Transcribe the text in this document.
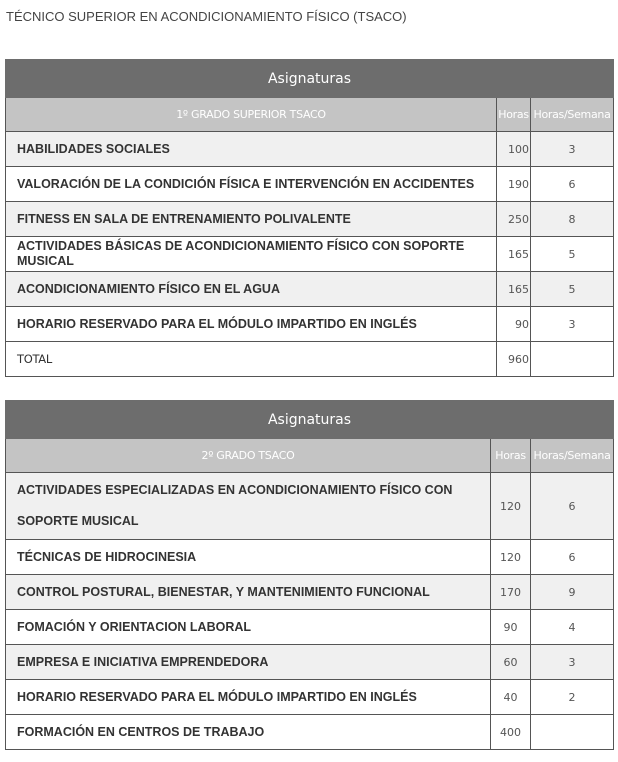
TÉCNICO SUPERIOR EN ACONDICIONAMIENTO FÍSICO (TSACO)
Asignaturas		
1º GRADO SUPERIOR TSACO	Horas	Horas/Semana
HABILIDADES SOCIALES	100	3
VALORACIÓN DE LA CONDICIÓN FÍSICA E INTERVENCIÓN EN ACCIDENTES	190	6
FITNESS EN SALA DE ENTRENAMIENTO POLIVALENTE	250	8
ACTIVIDADES BÁSICAS DE ACONDICIONAMIENTO FÍSICO CON SOPORTE MUSICAL	165	5
ACONDICIONAMIENTO FÍSICO EN EL AGUA	165	5
HORARIO RESERVADO PARA EL MÓDULO IMPARTIDO EN INGLÉS	90	3
TOTAL	960	
Asignaturas		
2º GRADO TSACO	Horas	Horas/Semana
ACTIVIDADES ESPECIALIZADAS EN ACONDICIONAMIENTO FÍSICO CON SOPORTE MUSICAL	120	6
TÉCNICAS DE HIDROCINESIA	120	6
CONTROL POSTURAL, BIENESTAR, Y MANTENIMIENTO FUNCIONAL	170	9
FOMACIÓN Y ORIENTACION LABORAL	90	4
EMPRESA E INICIATIVA EMPRENDEDORA	60	3
HORARIO RESERVADO PARA EL MÓDULO IMPARTIDO EN INGLÉS	40	2
FORMACIÓN EN CENTROS DE TRABAJO	400	
